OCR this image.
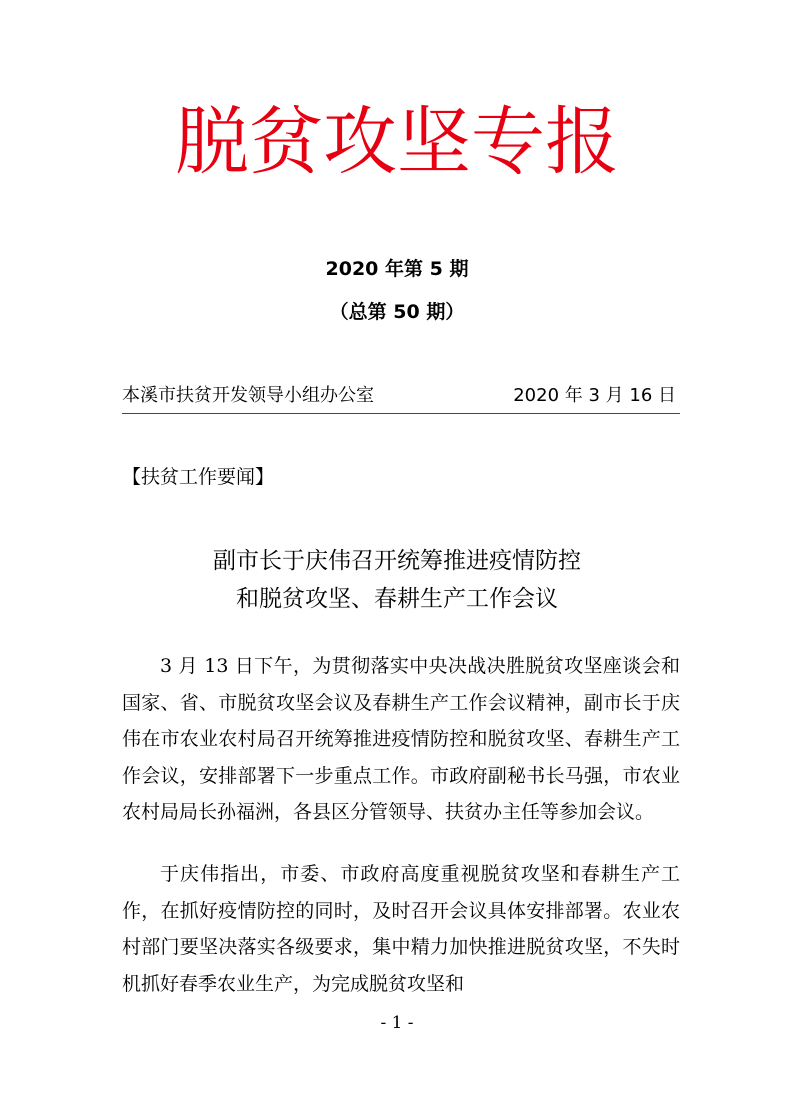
脱贫攻坚专报
2020 年第 5 期
（总第 50 期）
本溪市扶贫开发领导小组办公室	2020 年 3 月 16 日
【扶贫工作要闻】
副市长于庆伟召开统筹推进疫情防控
和脱贫攻坚、春耕生产工作会议

3 月 13 日下午，为贯彻落实中央决战决胜脱贫攻坚座谈会和国家、省、市脱贫攻坚会议及春耕生产工作会议精神，副市长于庆伟在市农业农村局召开统筹推进疫情防控和脱贫攻坚、春耕生产工作会议，安排部署下一步重点工作。市政府副秘书长马强，市农业农村局局长孙福洲，各县区分管领导、扶贫办主任等参加会议。

于庆伟指出，市委、市政府高度重视脱贫攻坚和春耕生产工作，在抓好疫情防控的同时，及时召开会议具体安排部署。农业农村部门要坚决落实各级要求，集中精力加快推进脱贫攻坚，不失时机抓好春季农业生产，为完成脱贫攻坚和

- 1 -
